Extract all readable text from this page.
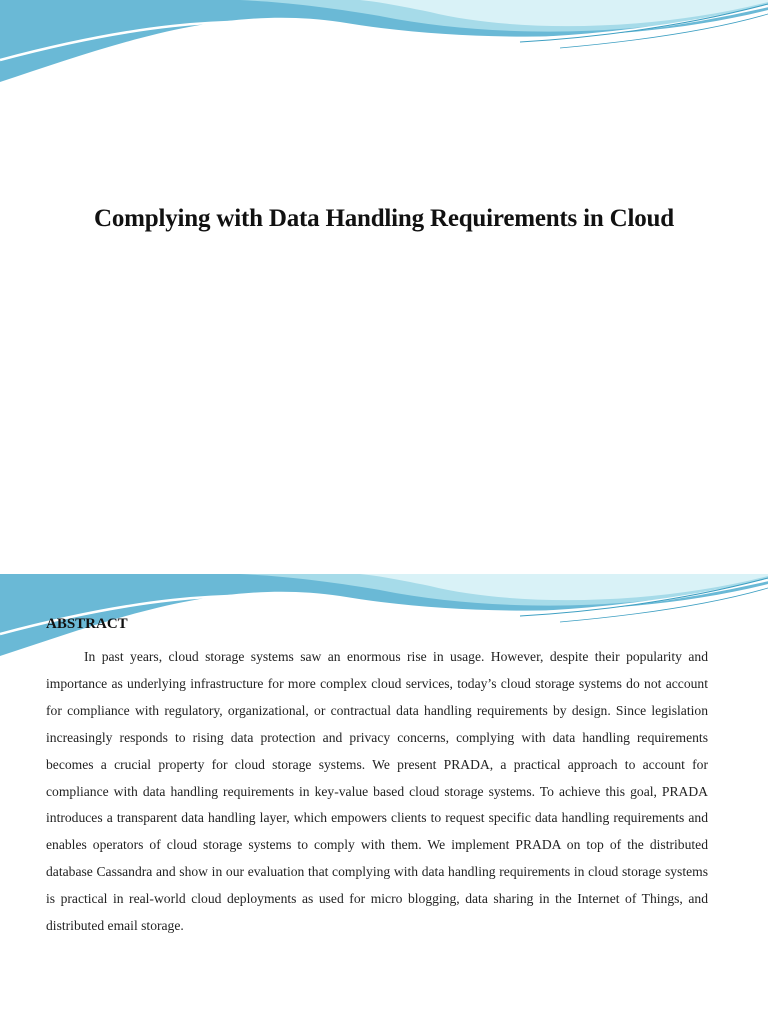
Complying with Data Handling Requirements in Cloud
ABSTRACT

In past years, cloud storage systems saw an enormous rise in usage. However, despite their popularity and importance as underlying infrastructure for more complex cloud services, today’s cloud storage systems do not account for compliance with regulatory, organizational, or contractual data handling requirements by design. Since legislation increasingly responds to rising data protection and privacy concerns, complying with data handling requirements becomes a crucial property for cloud storage systems. We present PRADA, a practical approach to account for compliance with data handling requirements in key-value based cloud storage systems. To achieve this goal, PRADA introduces a transparent data handling layer, which empowers clients to request specific data handling requirements and enables operators of cloud storage systems to comply with them. We implement PRADA on top of the distributed database Cassandra and show in our evaluation that complying with data handling requirements in cloud storage systems is practical in real-world cloud deployments as used for micro blogging, data sharing in the Internet of Things, and distributed email storage.
